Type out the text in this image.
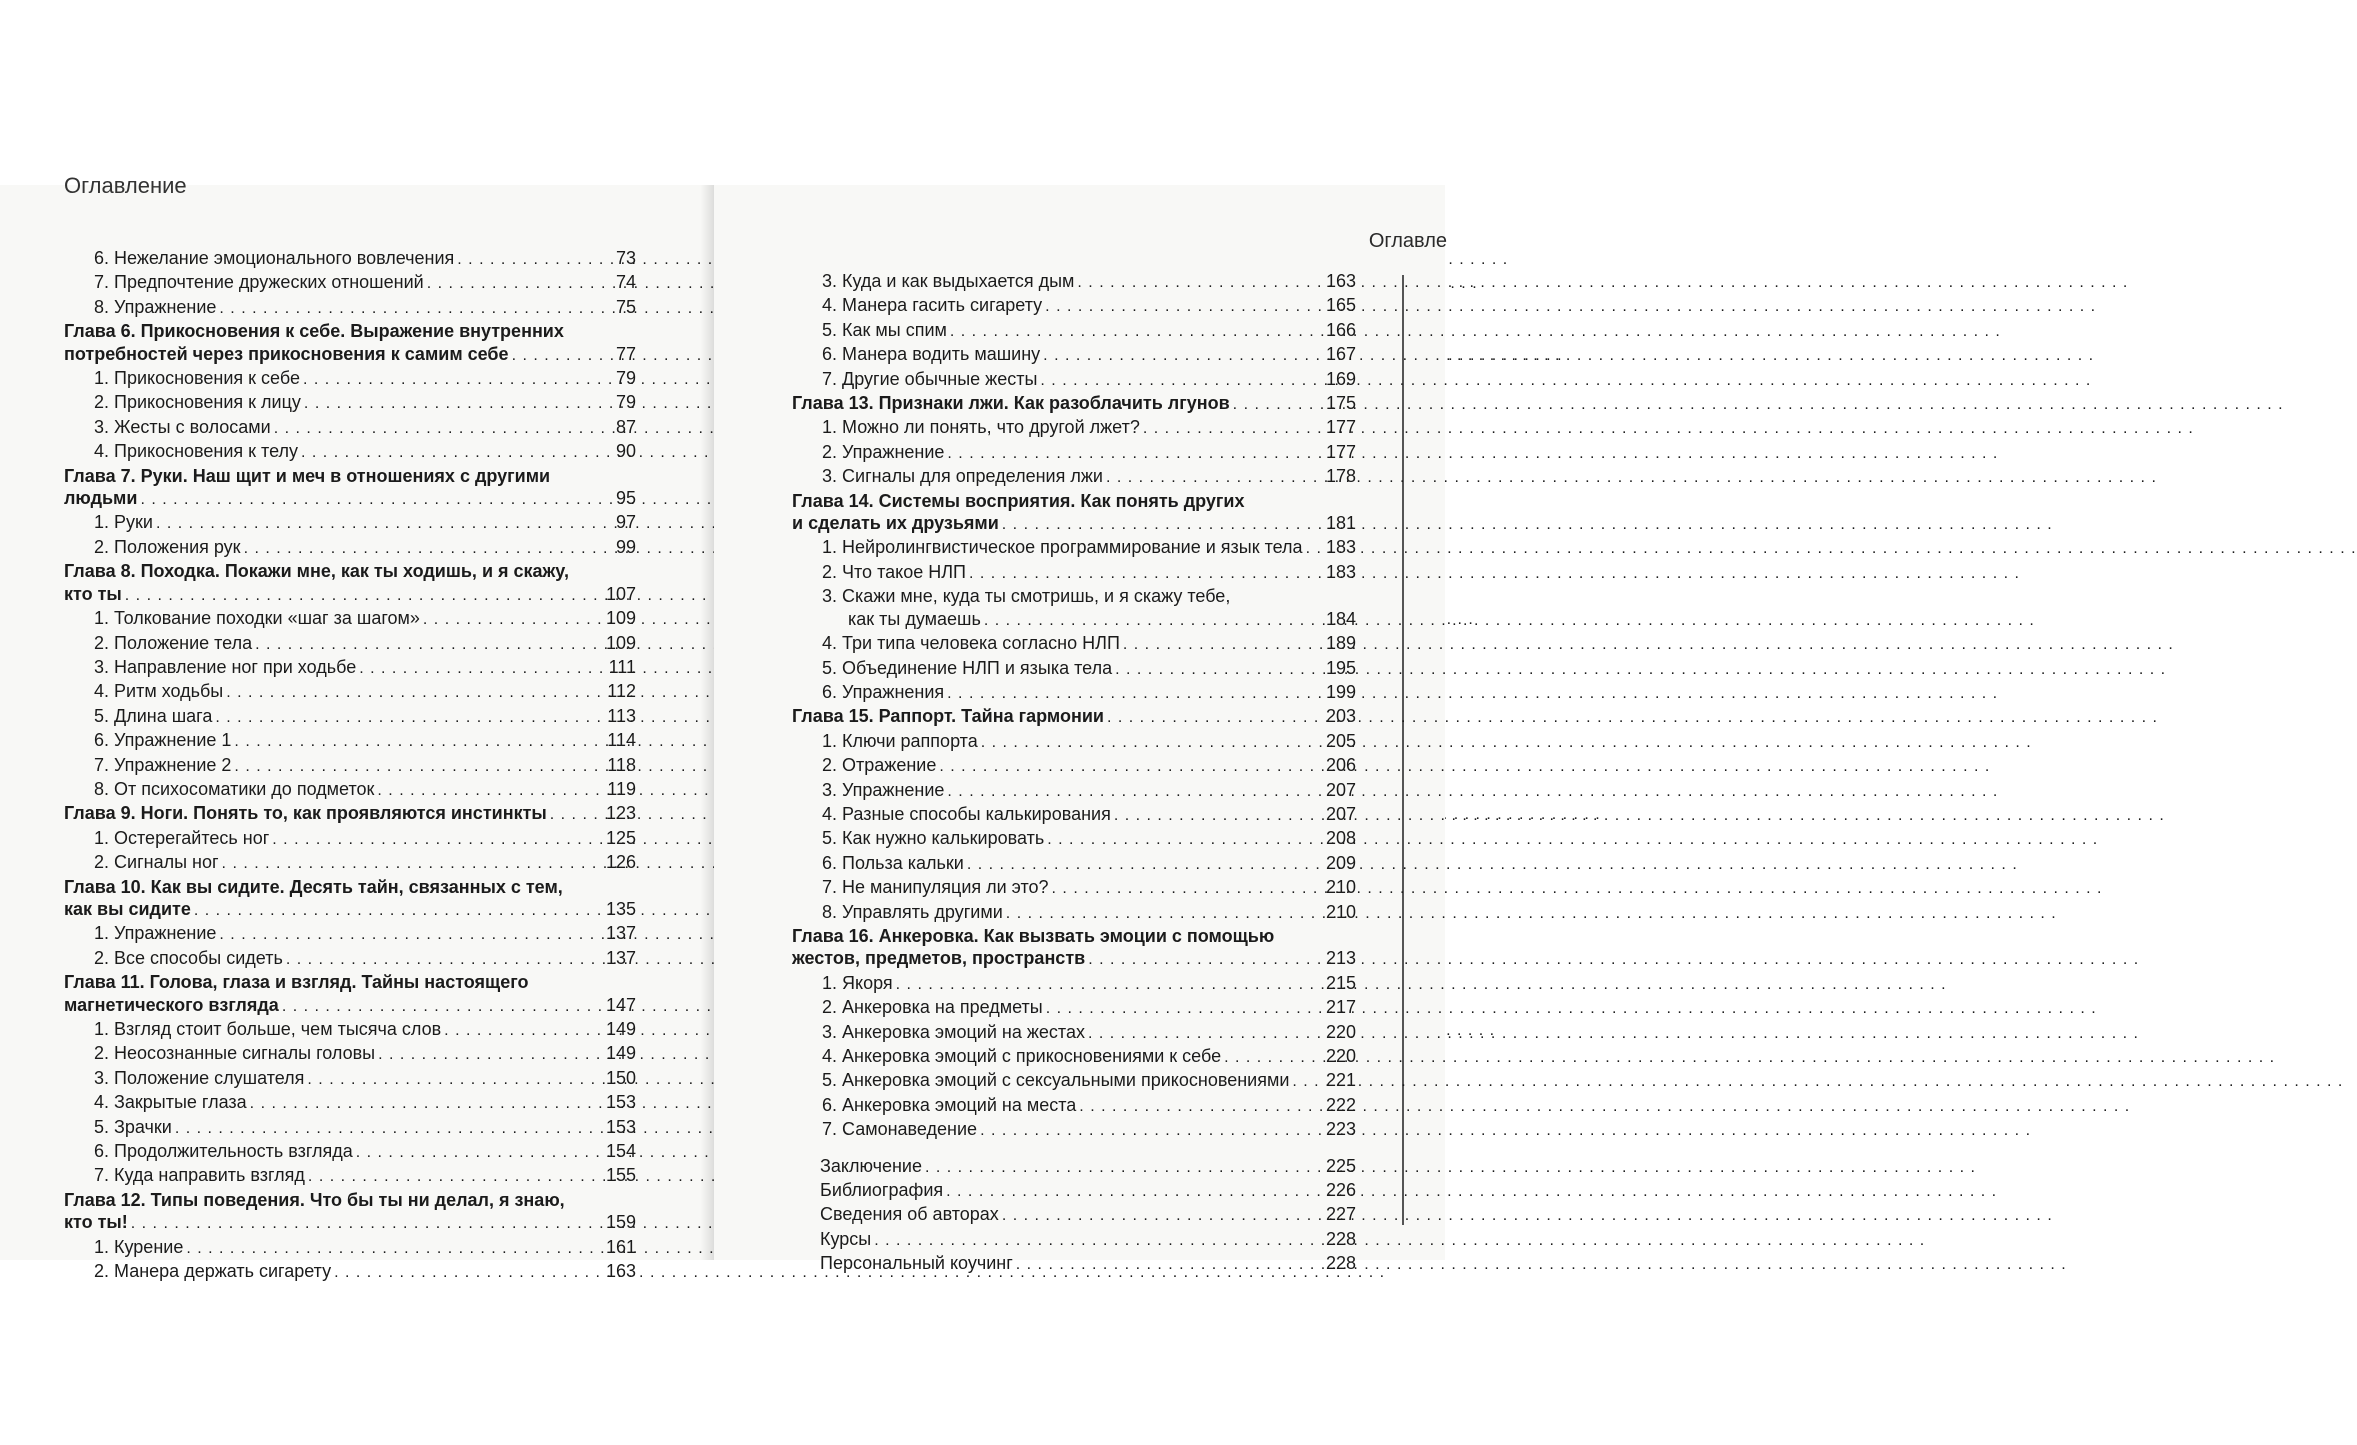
Оглавление
6. Нежелание эмоционального вовлечения . . .	73
7. Предпочтение дружеских отношений . . .	74
8. Упражнение . . .	75
Глава 6. Прикосновения к себе. Выражение внутренних
потребностей через прикосновения к самим себе . . .	77
1. Прикосновения к себе . . .	79
2. Прикосновения к лицу . . .	79
3. Жесты с волосами . . .	87
4. Прикосновения к телу . . .	90
Глава 7. Руки. Наш щит и меч в отношениях с другими
людьми . . .	95
1. Руки . . .	97
2. Положения рук . . .	99
Глава 8. Походка. Покажи мне, как ты ходишь, и я скажу,
кто ты . . .	107
1. Толкование походки «шаг за шагом» . . .	109
2. Положение тела . . .	109
3. Направление ног при ходьбе . . .	111
4. Ритм ходьбы . . .	112
5. Длина шага . . .	113
6. Упражнение 1 . . .	114
7. Упражнение 2 . . .	118
8. От психосоматики до подметок . . .	119
Глава 9. Ноги. Понять то, как проявляются инстинкты . . .	123
1. Остерегайтесь ног . . .	125
2. Сигналы ног . . .	126
Глава 10. Как вы сидите. Десять тайн, связанных с тем,
как вы сидите . . .	135
1. Упражнение . . .	137
2. Все способы сидеть . . .	137
Глава 11. Голова, глаза и взгляд. Тайны настоящего
магнетического взгляда . . .	147
1. Взгляд стоит больше, чем тысяча слов . . .	149
2. Неосознанные сигналы головы . . .	149
3. Положение слушателя . . .	150
4. Закрытые глаза . . .	153
5. Зрачки . . .	153
6. Продолжительность взгляда . . .	154
7. Куда направить взгляд . . .	155
Глава 12. Типы поведения. Что бы ты ни делал, я знаю,
кто ты! . . .	159
1. Курение . . .	161
2. Манера держать сигарету . . .	163
Оглавле
3. Куда и как выдыхается дым . . .	163
4. Манера гасить сигарету . . .	165
5. Как мы спим . . .	166
6. Манера водить машину . . .	167
7. Другие обычные жесты . . .	169
Глава 13. Признаки лжи. Как разоблачить лгунов . . .	175
1. Можно ли понять, что другой лжет? . . .	177
2. Упражнение . . .	177
3. Сигналы для определения лжи . . .	178
Глава 14. Системы восприятия. Как понять других
и сделать их друзьями . . .	181
1. Нейролингвистическое программирование и язык тела . . . 183
2. Что такое НЛП . . .	183
3. Скажи мне, куда ты смотришь, и я скажу тебе,
как ты думаешь . . .	184
4. Три типа человека согласно НЛП . . .	189
5. Объединение НЛП и языка тела . . .	195
6. Упражнения . . .	199
Глава 15. Раппорт. Тайна гармонии . . .	203
1. Ключи раппорта . . .	205
2. Отражение . . .	206
3. Упражнение . . .	207
4. Разные способы калькирования . . .	207
5. Как нужно калькировать . . .	208
6. Польза кальки . . .	209
7. Не манипуляция ли это? . . .	210
8. Управлять другими . . .	210
Глава 16. Анкеровка. Как вызвать эмоции с помощью
жестов, предметов, пространств . . .	213
1. Якоря . . .	215
2. Анкеровка на предметы . . .	217
3. Анкеровка эмоций на жестах . . .	220
4. Анкеровка эмоций с прикосновениями к себе . . .	220
5. Анкеровка эмоций с сексуальными прикосновениями . . . 221
6. Анкеровка эмоций на места . . .	222
7. Самонаведение . . .	223
Заключение . . .	225
Библиография . . .	226
Сведения об авторах . . .	227
Курсы . . .	228
Персональный коучинг . . .	228
